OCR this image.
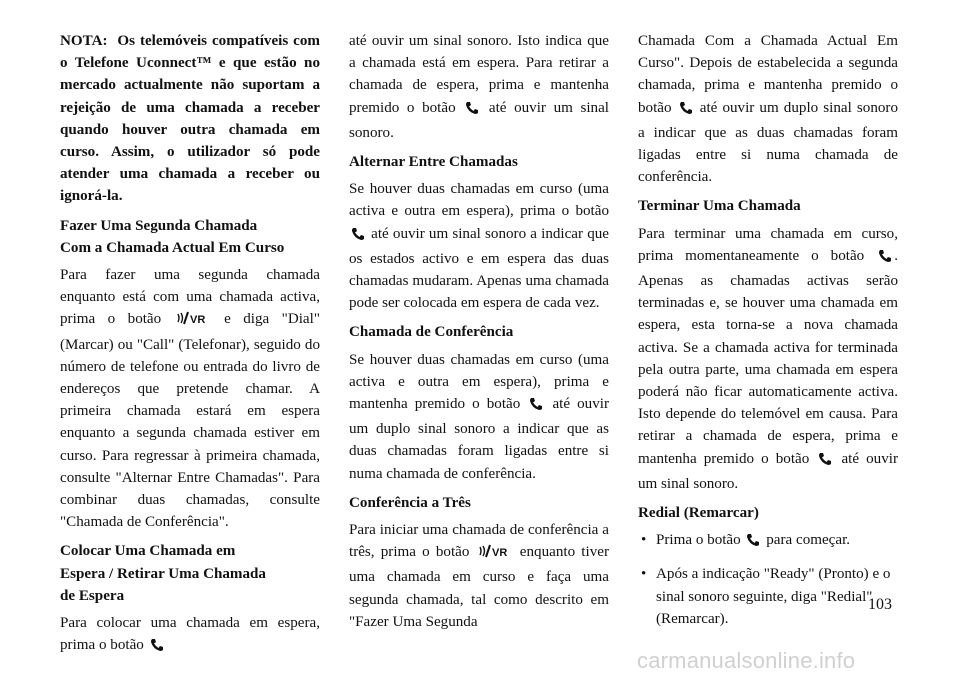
NOTA: Os telemóveis compatíveis com o Telefone Uconnect™ e que estão no mercado actualmente não suportam a rejeição de uma chamada a receber quando houver outra chamada em curso. Assim, o utilizador só pode atender uma chamada a receber ou ignorá-la.

Fazer Uma Segunda Chamada
Com a Chamada Actual Em Curso

Para fazer uma segunda chamada enquanto está com uma chamada activa, prima o botão	VR e diga "Dial" (Marcar) ou "Call" (Telefonar), seguido do número de telefone ou entrada do livro de endereços que pretende chamar. A primeira chamada estará em espera enquanto a segunda chamada estiver em curso. Para regressar à primeira chamada, consulte "Alternar Entre Chamadas". Para combinar duas chamadas, consulte "Chamada de Conferência".

Colocar Uma Chamada em
Espera / Retirar Uma Chamada
de Espera

Para colocar uma chamada em espera, prima o botão

até ouvir um sinal sonoro. Isto indica que a chamada está em espera. Para retirar a chamada de espera, prima e mantenha premido o botão até ouvir um sinal sonoro.

Alternar Entre Chamadas

Se houver duas chamadas em curso (uma activa e outra em espera), prima o botão  até ouvir um sinal sonoro a indicar que os estados activo e em espera das duas chamadas mudaram. Apenas uma chamada pode ser colocada em espera de cada vez.

Chamada de Conferência

Se houver duas chamadas em curso (uma activa e outra em espera), prima e mantenha premido o botão até ouvir um duplo sinal sonoro a indicar que as duas chamadas foram ligadas entre si numa chamada de conferência.

Conferência a Três

Para iniciar uma chamada de conferência a três, prima o botão VR enquanto tiver uma chamada em curso e faça uma segunda chamada, tal como descrito em "Fazer Uma Segunda

Chamada Com a Chamada Actual Em Curso". Depois de estabelecida a segunda chamada, prima e mantenha premido o botão até ouvir um duplo sinal sonoro a indicar que as duas chamadas foram ligadas entre si numa chamada de conferência.

Terminar Uma Chamada

Para terminar uma chamada em curso, prima momentaneamente o botão . Apenas as chamadas activas serão terminadas e, se houver uma chamada em espera, esta torna-se a nova chamada activa. Se a chamada activa for terminada pela outra parte, uma chamada em espera poderá não ficar automaticamente activa. Isto depende do telemóvel em causa. Para retirar a chamada de espera, prima e mantenha premido o botão até ouvir um sinal sonoro.

Redial (Remarcar)
• Prima o botão para começar.
• Após a indicação "Ready" (Pronto) e o sinal sonoro seguinte, diga "Redial" (Remarcar).
103
carmanualsonline.info
